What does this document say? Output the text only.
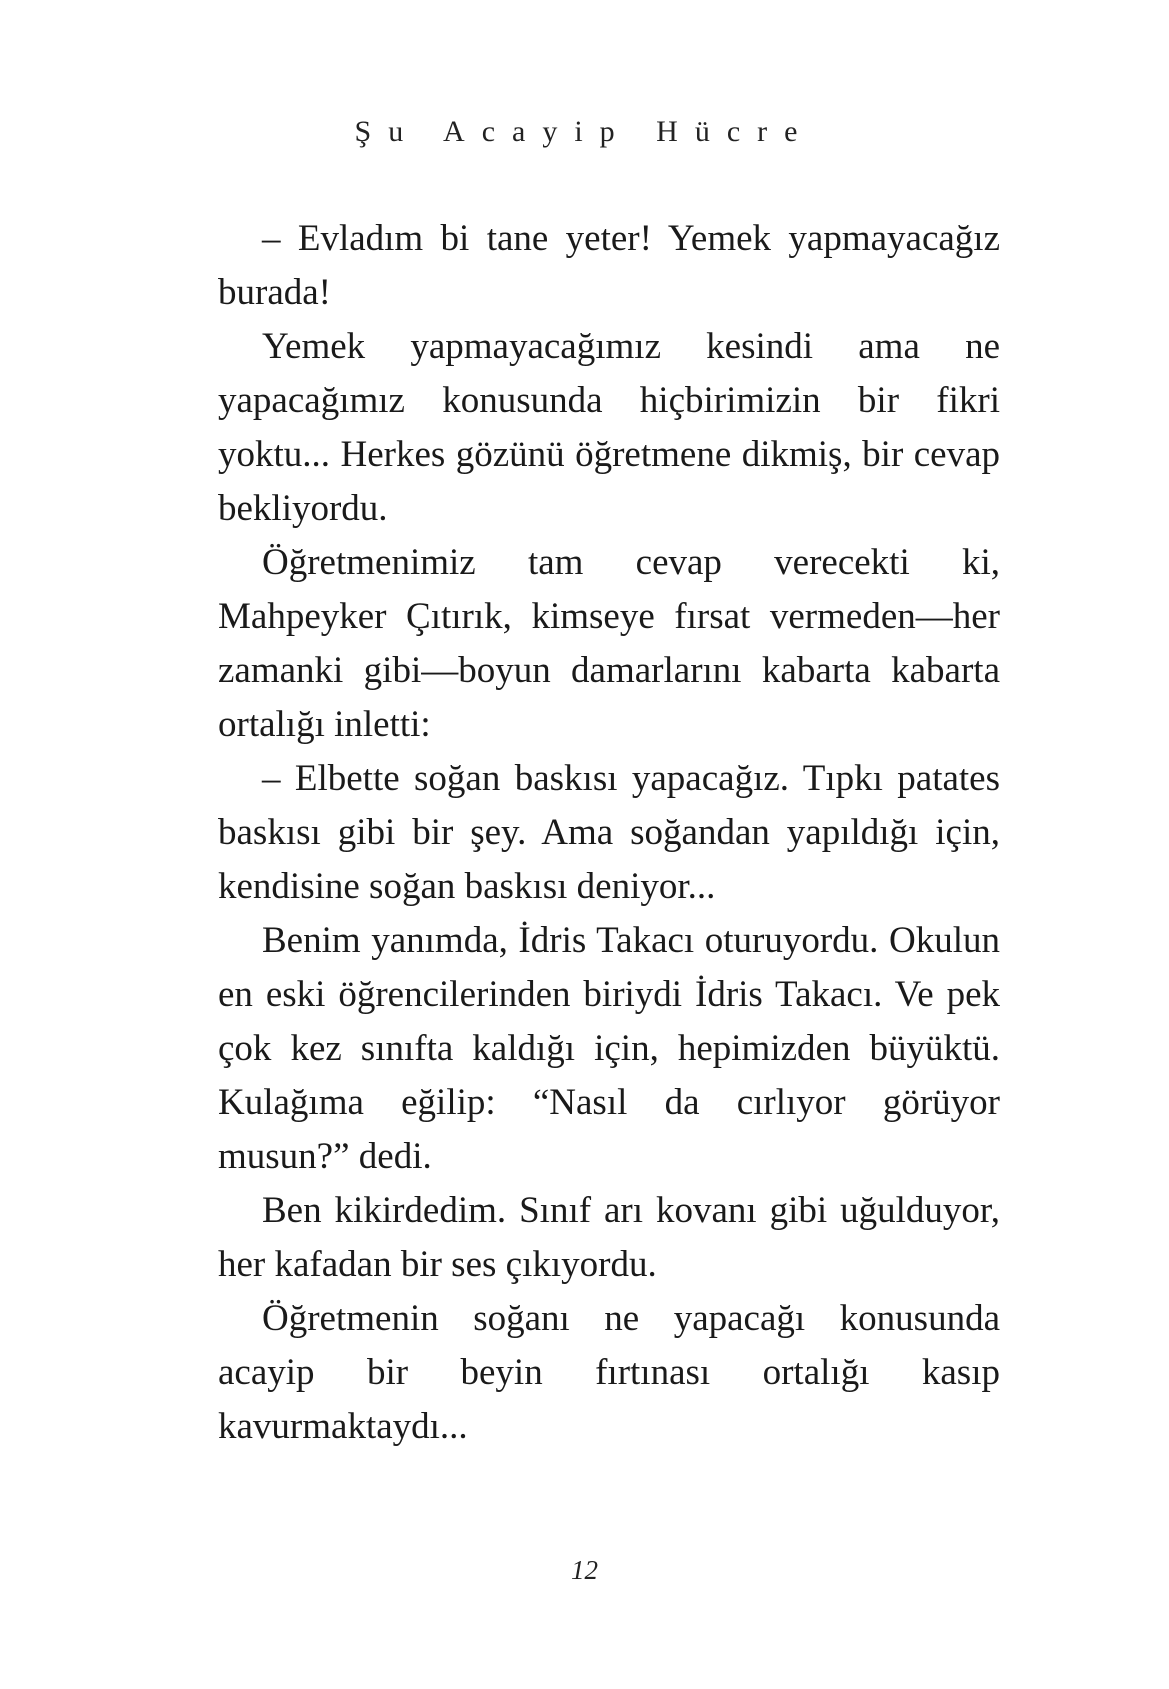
Şu Acayip Hücre

– Evladım bi tane yeter! Yemek yapmayacağız burada!

Yemek yapmayacağımız kesindi ama ne yapacağımız konusunda hiçbirimizin bir fikri yoktu... Herkes gözünü öğretmene dikmiş, bir cevap bekliyordu.

Öğretmenimiz tam cevap verecekti ki, Mahpeyker Çıtırık, kimseye fırsat vermeden—her zamanki gibi—boyun damarlarını kabarta kabarta ortalığı inletti:

– Elbette soğan baskısı yapacağız. Tıpkı patates baskısı gibi bir şey. Ama soğandan yapıldığı için, kendisine soğan baskısı deniyor...

Benim yanımda, İdris Takacı oturuyordu. Okulun en eski öğrencilerinden biriydi İdris Takacı. Ve pek çok kez sınıfta kaldığı için, hepimizden büyüktü. Kulağıma eğilip: “Nasıl da cırlıyor görüyor musun?” dedi.

Ben kikirdedim. Sınıf arı kovanı gibi uğulduyor, her kafadan bir ses çıkıyordu.

Öğretmenin soğanı ne yapacağı konusunda acayip bir beyin fırtınası ortalığı kasıp kavurmaktaydı...

12
